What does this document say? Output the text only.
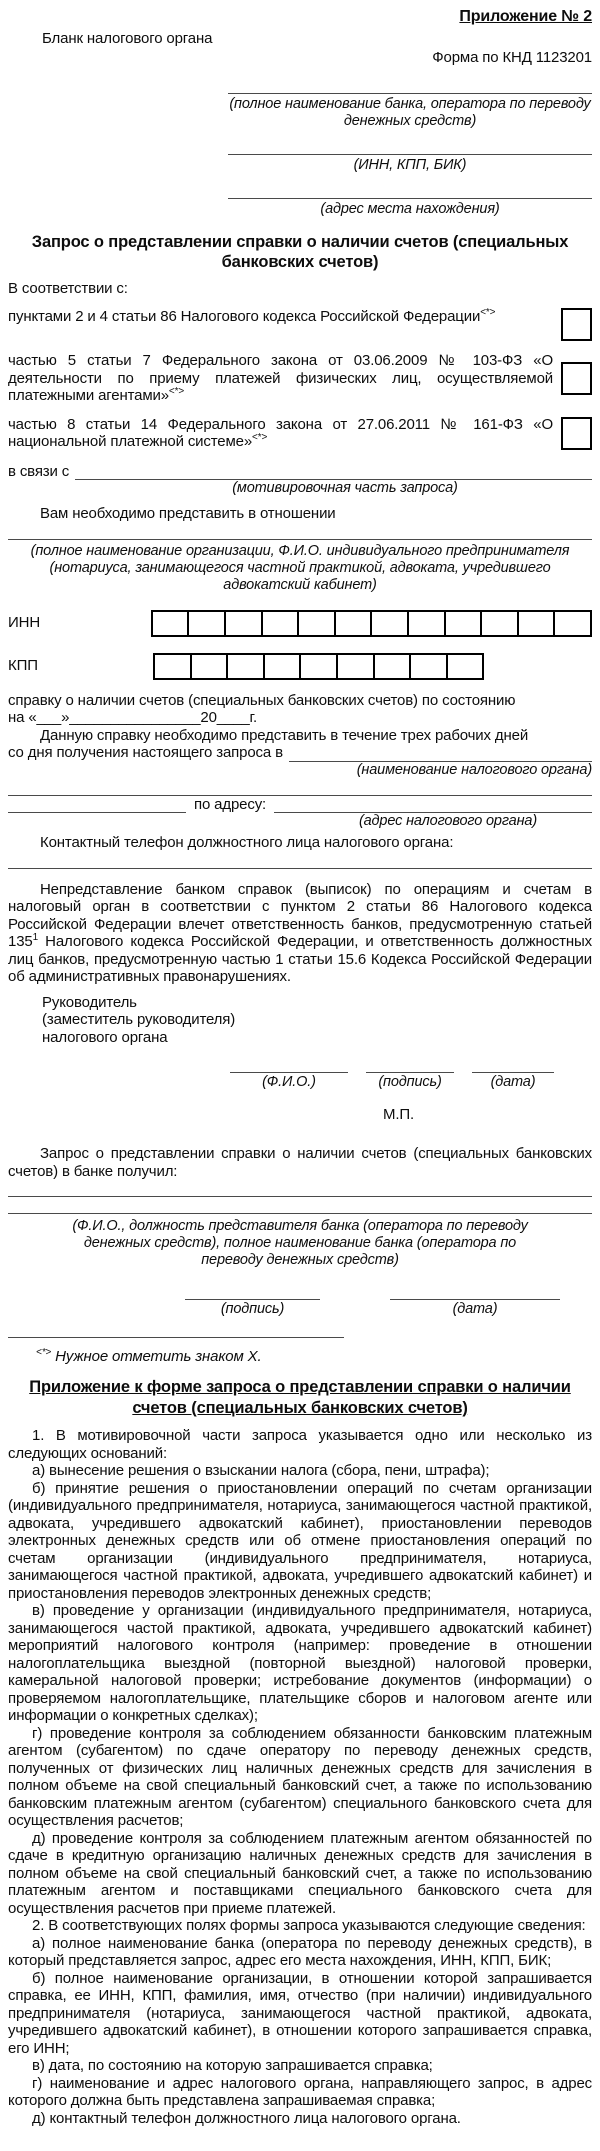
Приложение № 2
Бланк налогового органа
Форма по КНД 1123201
(полное наименование банка, оператора по переводу денежных средств)
(ИНН, КПП, БИК)
(адрес места нахождения)
Запрос о представлении справки о наличии счетов (специальных банковских счетов)
В соответствии с:

пунктами 2 и 4 статьи 86 Налогового кодекса Российской Федерации<*>

частью 5 статьи 7 Федерального закона от 03.06.2009 № 103-ФЗ «О деятельности по приему платежей физических лиц, осуществляемой платежными агентами»<*>

частью 8 статьи 14 Федерального закона от 27.06.2011 № 161-ФЗ «О национальной платежной системе»<*>

в связи с
(мотивировочная часть запроса)
Вам необходимо представить в отношении
(полное наименование организации, Ф.И.О. индивидуального предпринимателя (нотариуса, занимающегося частной практикой, адвоката, учредившего адвокатский кабинет)
ИНН
КПП
справку о наличии счетов (специальных банковских счетов) по состоянию
на «___»________________20____г.
Данную справку необходимо представить в течение трех рабочих дней
со дня получения настоящего запроса в
(наименование налогового органа)
по адресу:
(адрес налогового органа)
Контактный телефон должностного лица налогового органа:

Непредставление банком справок (выписок) по операциям и счетам в налоговый орган в соответствии с пунктом 2 статьи 86 Налогового кодекса Российской Федерации влечет ответственность банков, предусмотренную статьей $135^1$ Налогового кодекса Российской Федерации, и ответственность должностных лиц банков, предусмотренную частью 1 статьи 15.6 Кодекса Российской Федерации об административных правонарушениях.

Руководитель
(заместитель руководителя)
налогового органа
(Ф.И.О.)	(подпись)	(дата)
М.П.

Запрос о представлении справки о наличии счетов (специальных банковских счетов) в банке получил:

(Ф.И.О., должность представителя банка (оператора по переводу денежных средств), полное наименование банка (оператора по переводу денежных средств)
(подпись)	(дата)
<*> Нужное отметить знаком X.
Приложение к форме запроса о представлении справки о наличии счетов (специальных банковских счетов)

1. В мотивировочной части запроса указывается одно или несколько из следующих оснований:

а) вынесение решения о взыскании налога (сбора, пени, штрафа);

б) принятие решения о приостановлении операций по счетам организации (индивидуального предпринимателя, нотариуса, занимающегося частной практикой, адвоката, учредившего адвокатский кабинет), приостановлении переводов электронных денежных средств или об отмене приостановления операций по счетам организации (индивидуального предпринимателя, нотариуса, занимающегося частной практикой, адвоката, учредившего адвокатский кабинет) и приостановления переводов электронных денежных средств;

в) проведение у организации (индивидуального предпринимателя, нотариуса, занимающегося частой практикой, адвоката, учредившего адвокатский кабинет) мероприятий налогового контроля (например: проведение в отношении налогоплательщика выездной (повторной выездной) налоговой проверки, камеральной налоговой проверки; истребование документов (информации) о проверяемом налогоплательщике, плательщике сборов и налоговом агенте или информации о конкретных сделках);

г) проведение контроля за соблюдением обязанности банковским платежным агентом (субагентом) по сдаче оператору по переводу денежных средств, полученных от физических лиц наличных денежных средств для зачисления в полном объеме на свой специальный банковский счет, а также по использованию банковским платежным агентом (субагентом) специального банковского счета для осуществления расчетов;

д) проведение контроля за соблюдением платежным агентом обязанностей по сдаче в кредитную организацию наличных денежных средств для зачисления в полном объеме на свой специальный банковский счет, а также по использованию платежным агентом и поставщиками специального банковского счета для осуществления расчетов при приеме платежей.

2. В соответствующих полях формы запроса указываются следующие сведения:

а) полное наименование банка (оператора по переводу денежных средств), в который представляется запрос, адрес его места нахождения, ИНН, КПП, БИК;

б) полное наименование организации, в отношении которой запрашивается справка, ее ИНН, КПП, фамилия, имя, отчество (при наличии) индивидуального предпринимателя (нотариуса, занимающегося частной практикой, адвоката, учредившего адвокатский кабинет), в отношении которого запрашивается справка, его ИНН;

в) дата, по состоянию на которую запрашивается справка;

г) наименование и адрес налогового органа, направляющего запрос, в адрес которого должна быть представлена запрашиваемая справка;

д) контактный телефон должностного лица налогового органа.
